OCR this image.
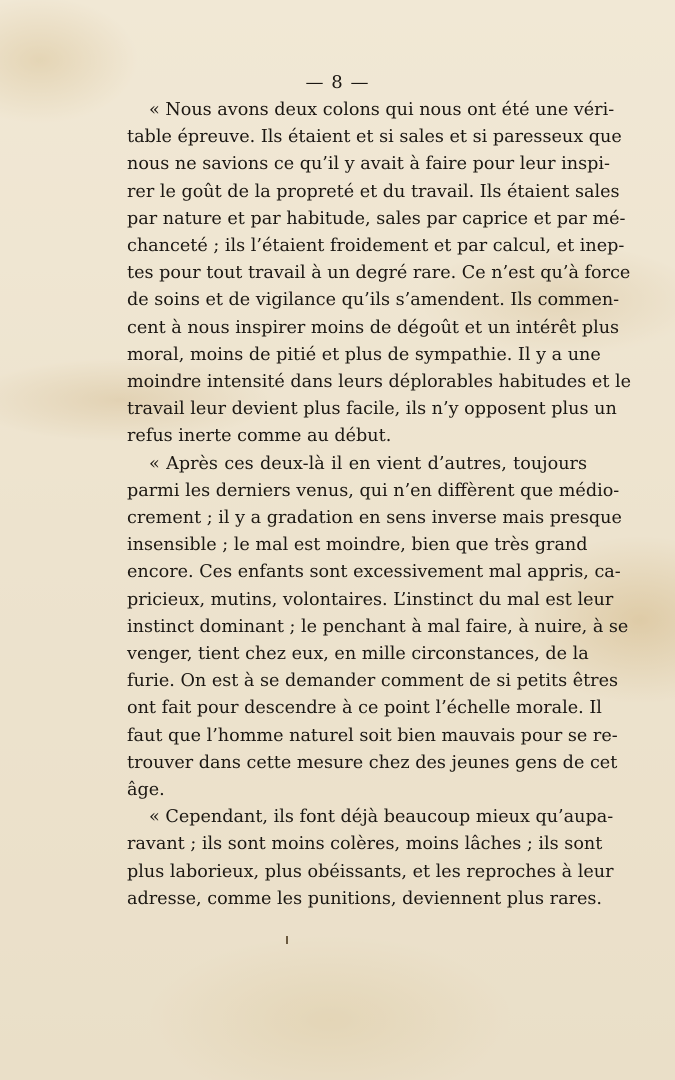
— 8 —
« Nous avons deux colons qui nous ont été une véri-
table épreuve. Ils étaient et si sales et si paresseux que
nous ne savions ce qu’il y avait à faire pour leur inspi-
rer le goût de la propreté et du travail. Ils étaient sales
par nature et par habitude, sales par caprice et par mé-
chanceté ; ils l’étaient froidement et par calcul, et inep-
tes pour tout travail à un degré rare. Ce n’est qu’à force
de soins et de vigilance qu’ils s’amendent. Ils commen-
cent à nous inspirer moins de dégoût et un intérêt plus
moral, moins de pitié et plus de sympathie. Il y a une
moindre intensité dans leurs déplorables habitudes et le
travail leur devient plus facile, ils n’y opposent plus un
refus inerte comme au début.
« Après ces deux-là il en vient d’autres, toujours
parmi les derniers venus, qui n’en diffèrent que médio-
crement ; il y a gradation en sens inverse mais presque
insensible ; le mal est moindre, bien que très grand
encore. Ces enfants sont excessivement mal appris, ca-
pricieux, mutins, volontaires. L’instinct du mal est leur
instinct dominant ; le penchant à mal faire, à nuire, à se
venger, tient chez eux, en mille circonstances, de la
furie. On est à se demander comment de si petits êtres
ont fait pour descendre à ce point l’échelle morale. Il
faut que l’homme naturel soit bien mauvais pour se re-
trouver dans cette mesure chez des jeunes gens de cet
âge.
« Cependant, ils font déjà beaucoup mieux qu’aupa-
ravant ; ils sont moins colères, moins lâches ; ils sont
plus laborieux, plus obéissants, et les reproches à leur
adresse, comme les punitions, deviennent plus rares.
